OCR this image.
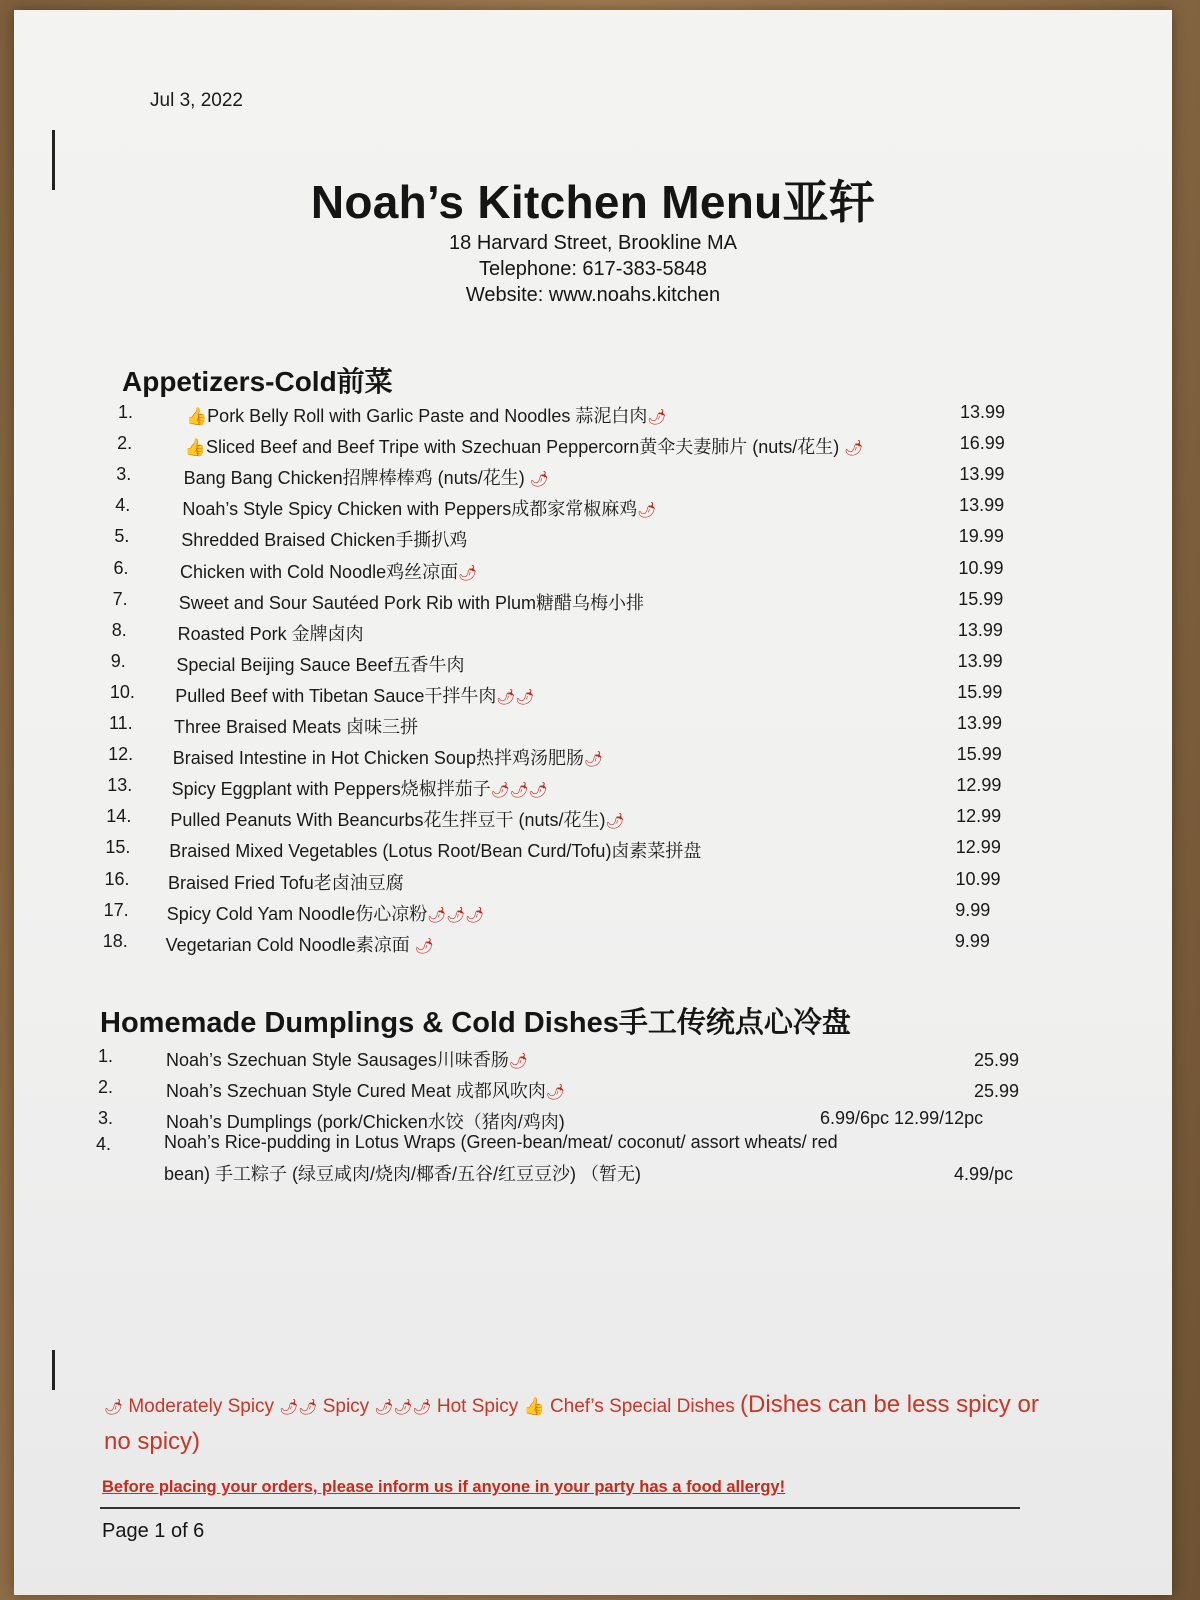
Jul 3, 2022
Noah’s Kitchen Menu亚轩
18 Harvard Street, Brookline MA
Telephone: 617-383-5848
Website: www.noahs.kitchen
Appetizers-Cold前菜
1.	👍Pork Belly Roll with Garlic Paste and Noodles 蒜泥白肉🌶	13.99
2.	👍Sliced Beef and Beef Tripe with Szechuan Peppercorn黄伞夫妻肺片 (nuts/花生) 🌶	16.99
3.	Bang Bang Chicken招牌棒棒鸡 (nuts/花生) 🌶	13.99
4.	Noah’s Style Spicy Chicken with Peppers成都家常椒麻鸡🌶	13.99
5.	Shredded Braised Chicken手撕扒鸡	19.99
6.	Chicken with Cold Noodle鸡丝凉面🌶	10.99
7.	Sweet and Sour Sautéed Pork Rib with Plum糖醋乌梅小排	15.99
8.	Roasted Pork 金牌卤肉	13.99
9.	Special Beijing Sauce Beef五香牛肉	13.99
10. Pulled Beef with Tibetan Sauce干拌牛肉🌶🌶	15.99
11. Three Braised Meats 卤味三拼	13.99
12. Braised Intestine in Hot Chicken Soup热拌鸡汤肥肠🌶	15.99
13. Spicy Eggplant with Peppers烧椒拌茄子🌶🌶🌶	12.99
14. Pulled Peanuts With Beancurbs花生拌豆干 (nuts/花生)🌶	12.99
15. Braised Mixed Vegetables (Lotus Root/Bean Curd/Tofu)卤素菜拼盘	12.99
16. Braised Fried Tofu老卤油豆腐	10.99
17. Spicy Cold Yam Noodle伤心凉粉🌶🌶🌶	9.99
18. Vegetarian Cold Noodle素凉面 🌶	9.99
Homemade Dumplings & Cold Dishes手工传统点心冷盘
1.	Noah’s Szechuan Style Sausages川味香肠🌶	25.99
2.	Noah’s Szechuan Style Cured Meat 成都风吹肉🌶	25.99
3.	Noah’s Dumplings (pork/Chicken水饺（猪肉/鸡肉)	6.99/6pc 12.99/12pc
4.	Noah’s Rice-pudding in Lotus Wraps (Green-bean/meat/ coconut/ assort wheats/ red
bean) 手工粽子 (绿豆咸肉/烧肉/椰香/五谷/红豆豆沙) （暂无)	4.99/pc
🌶 Moderately Spicy 🌶🌶 Spicy 🌶🌶🌶 Hot Spicy 👍 Chef’s Special Dishes (Dishes can be less spicy or no spicy)
Before placing your orders, please inform us if anyone in your party has a food allergy!
Page 1 of 6
